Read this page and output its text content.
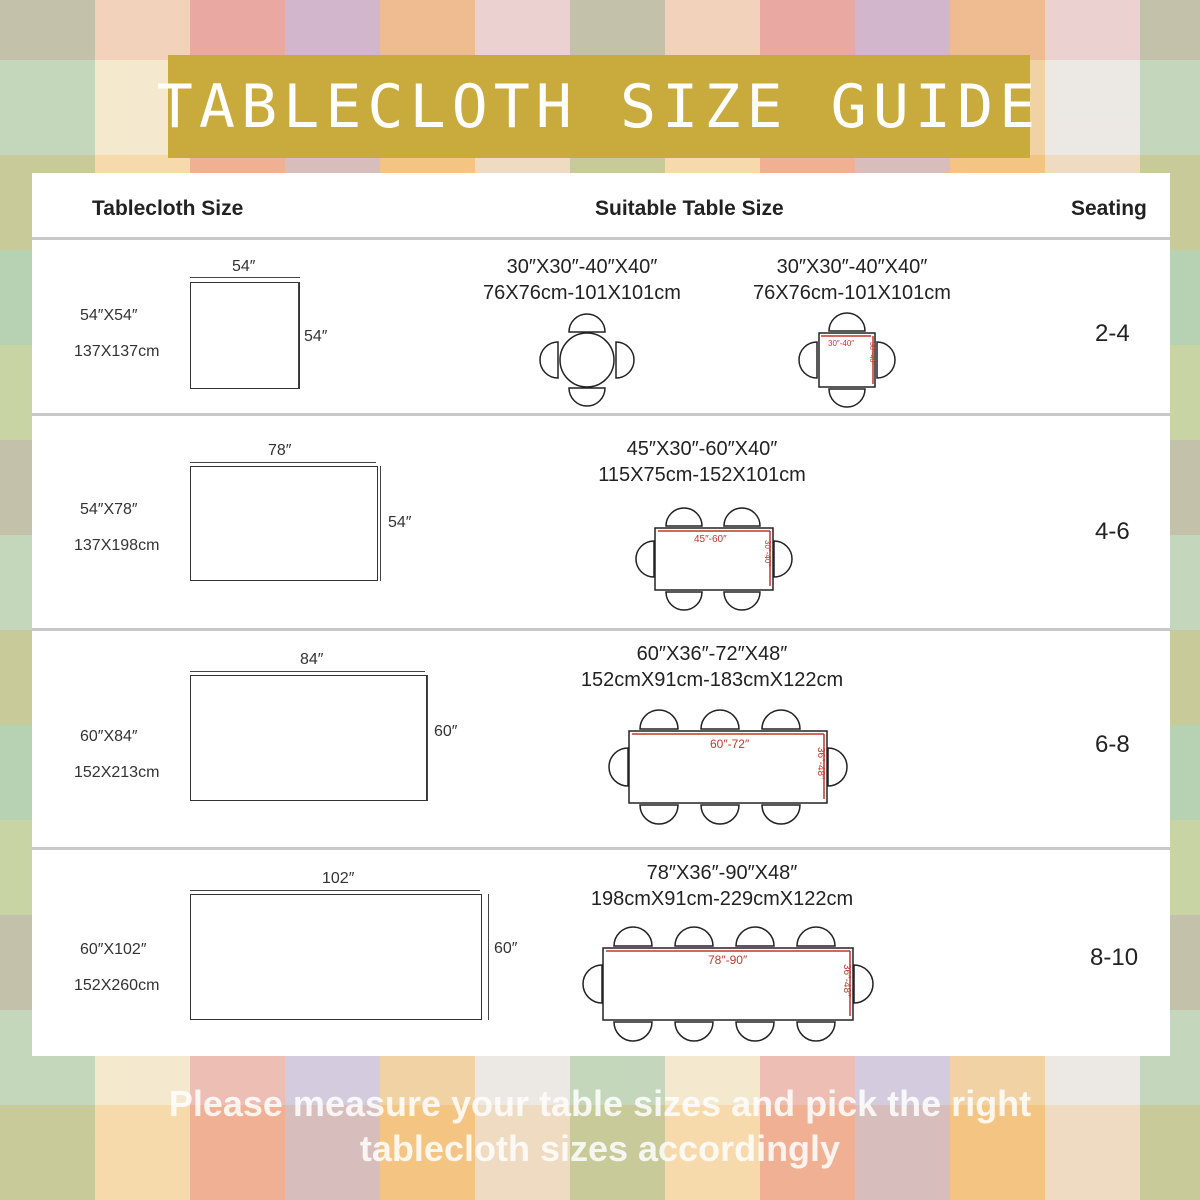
TABLECLOTH SIZE GUIDE
Tablecloth Size	Suitable Table Size	Seating
54″X54″
137X137cm
54″
54″
30″X30″-40″X40″
76X76cm-101X101cm
30″X30″-40″X40″
76X76cm-101X101cm
30″-40″ 30″-40″
2-4
54″X78″
137X198cm
78″
54″
45″X30″-60″X40″
115X75cm-152X101cm
45″-60″
30″-40″
4-6
60″X84″
152X213cm
84″
60″
60″X36″-72″X48″
152cmX91cm-183cmX122cm
60″-72″
36″-48″
6-8
60″X102″
152X260cm
102″
60″
78″X36″-90″X48″
198cmX91cm-229cmX122cm
78″-90″
36″-48″
8-10
Please measure your table sizes and pick the right
tablecloth sizes accordingly
